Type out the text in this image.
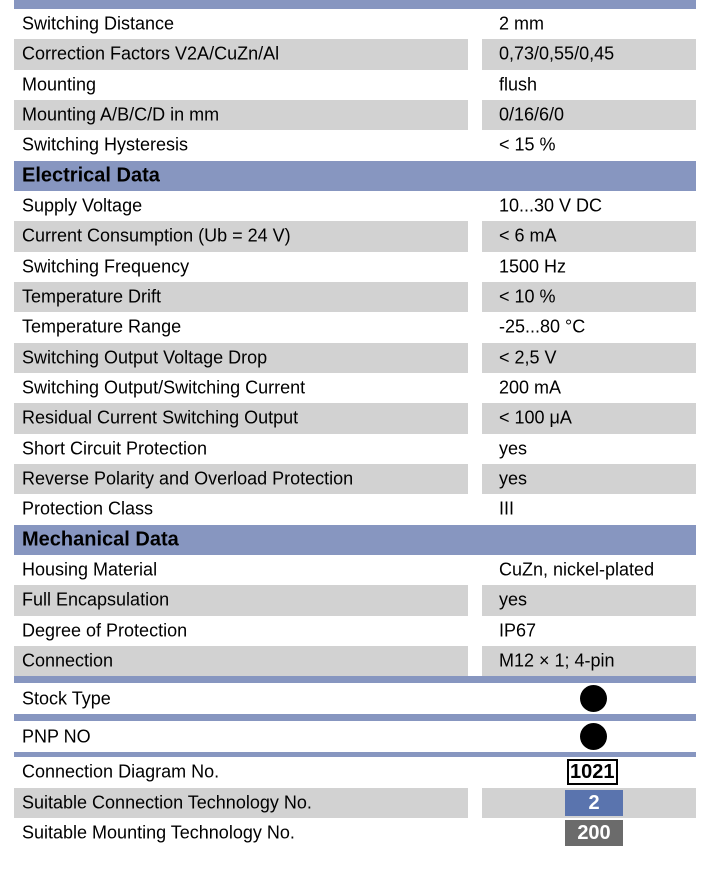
Switching Distance	2 mm
Correction Factors V2A/CuZn/Al	0,73/0,55/0,45
Mounting	flush
Mounting A/B/C/D in mm	0/16/6/0
Switching Hysteresis	< 15 %
Electrical Data
Supply Voltage	10...30 V DC
Current Consumption (Ub = 24 V)	< 6 mA
Switching Frequency	1500 Hz
Temperature Drift	< 10 %
Temperature Range	-25...80 °C
Switching Output Voltage Drop	< 2,5 V
Switching Output/Switching Current	200 mA
Residual Current Switching Output	< 100 μA
Short Circuit Protection	yes
Reverse Polarity and Overload Protection	yes
Protection Class	III
Mechanical Data
Housing Material	CuZn, nickel-plated
Full Encapsulation	yes
Degree of Protection	IP67
Connection	M12 × 1; 4-pin
Stock Type
PNP NO
Connection Diagram No.	1021
Suitable Connection Technology No.	2
Suitable Mounting Technology No.	200
